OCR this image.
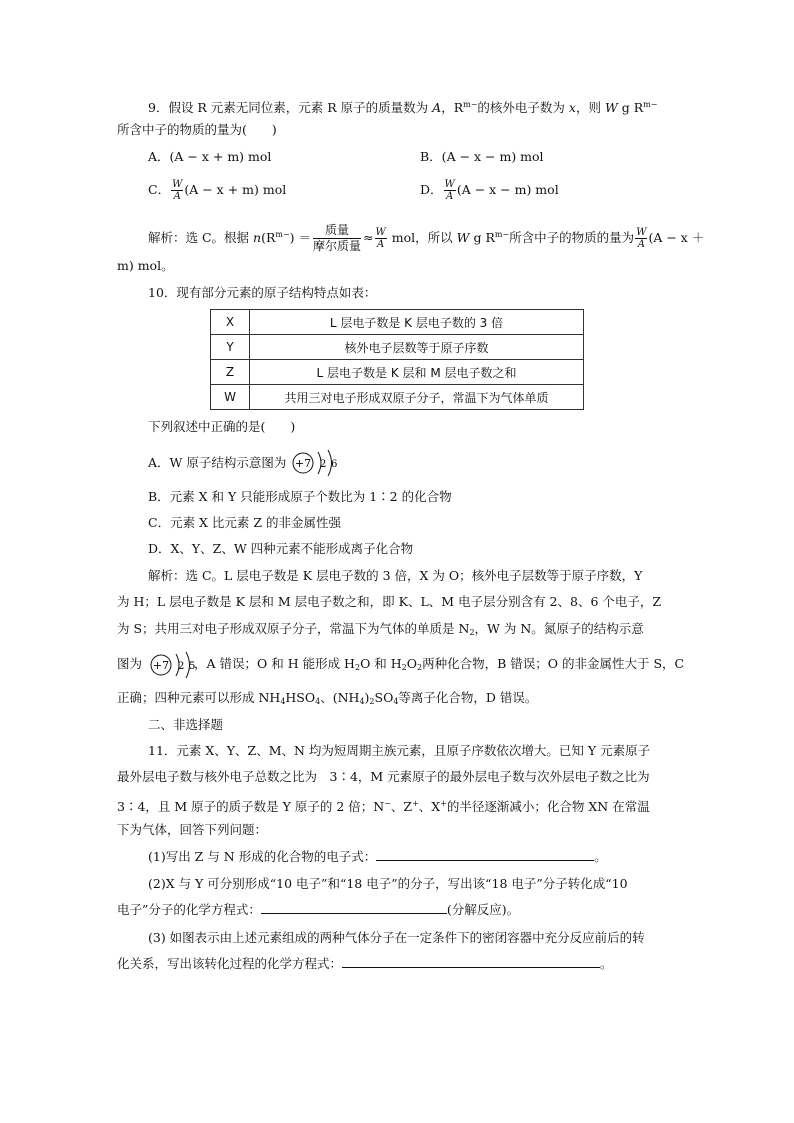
9．假设 R 元素无同位素，元素 R 原子的质量数为 A，$R^{m-}$的核外电子数为 x，则 W g $R^{m-}$
所含中子的物质的量为(　　)
A．(A − x + m) mol	B．(A − x − m) mol
C． $\frac{W}{A} (A - x + m)$ mol	D． $\frac{W}{A} (A - x - m)$ mol
解析：选 C。根据 $n(R^{m-})$ ＝	质量
摩尔质量
≈ $\frac{W}{A}$ mol，所以 W g $R^{m-}$所含中子的物质的量为 $\frac{W}{A} (A - x$ ＋
m) mol。
10．现有部分元素的原子结构特点如表：
X	L 层电子数是 K 层电子数的 3 倍
Y	核外电子层数等于原子序数
Z	L 层电子数是 K 层和 M 层电子数之和
W	共用三对电子形成双原子分子，常温下为气体单质
下列叙述中正确的是(　　)
A．W 原子结构示意图为 +7 2 6
B．元素 X 和 Y 只能形成原子个数比为 1∶2 的化合物
C．元素 X 比元素 Z 的非金属性强
D．X、Y、Z、W 四种元素不能形成离子化合物
解析：选 C。L 层电子数是 K 层电子数的 3 倍，X 为 O；核外电子层数等于原子序数，Y
为 H；L 层电子数是 K 层和 M 层电子数之和，即 K、L、M 电子层分别含有 2、8、6 个电子，Z
为 S；共用三对电子形成双原子分子，常温下为气体的单质是 $N_2$，W 为 N。氮原子的结构示意
图为	，A 错误；O 和 H 能形成 $H_2O$ 和 $H_2O_2$两种化合物，B 错误；O 的非金属性大于 S，C
+7 2 5
正确；四种元素可以形成 $NH_4HSO_4$、$(NH_4)_2SO_4$等离子化合物，D 错误。
二、非选择题
11．元素 X、Y、Z、M、N 均为短周期主族元素，且原子序数依次增大。已知 Y 元素原子
最外层电子数与核外电子总数之比为　3∶4，M 元素原子的最外层电子数与次外层电子数之比为
3∶4，且 M 原子的质子数是 Y 原子的 2 倍；N−、Z+、X+的半径逐渐减小；化合物 XN 在常温
下为气体，回答下列问题：
(1)写出 Z 与 N 形成的化合物的电子式：	。
(2)X 与 Y 可分别形成“10 电子”和“18 电子”的分子，写出该“18 电子”分子转化成“10
电子”分子的化学方程式：	(分解反应)。
(3) 如图表示由上述元素组成的两种气体分子在一定条件下的密闭容器中充分反应前后的转
化关系，写出该转化过程的化学方程式：	。
